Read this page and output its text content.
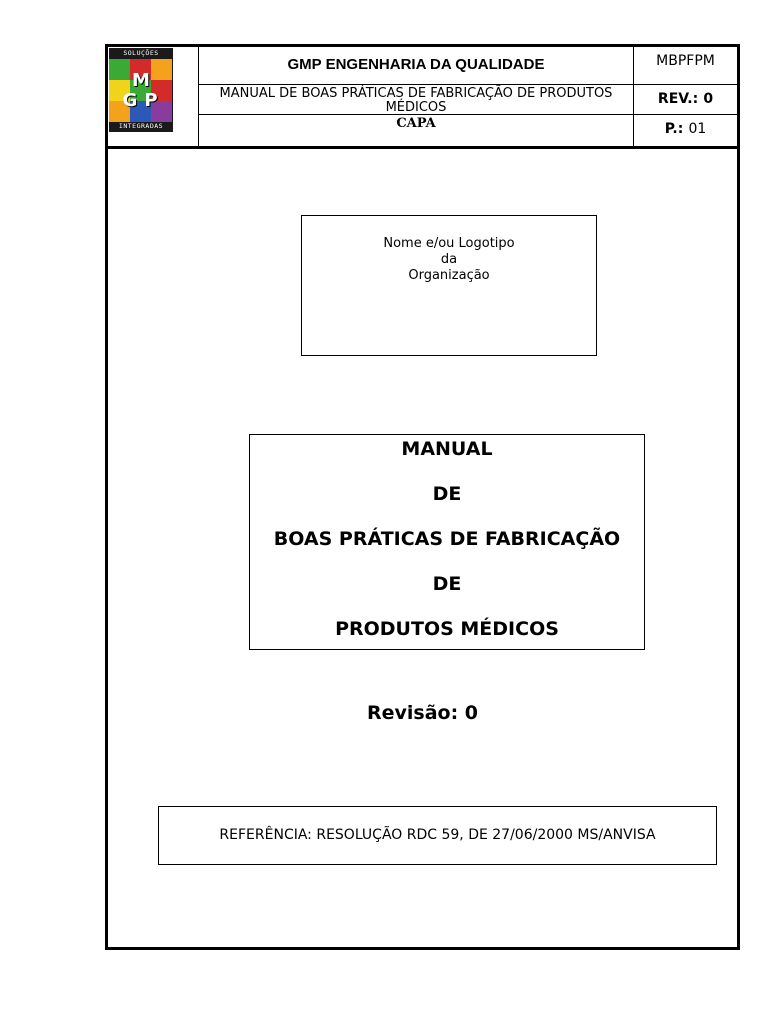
SOLUÇÕES
M
G P
INTEGRADAS
GMP ENGENHARIA DA QUALIDADE
MANUAL DE BOAS PRÁTICAS DE FABRICAÇÃO DE PRODUTOS MÉDICOS
CAPA
MBPFPM
REV.: 0
P.: 01
Nome e/ou Logotipo
da
Organização
MANUAL
DE
BOAS PRÁTICAS DE FABRICAÇÃO
DE
PRODUTOS MÉDICOS
Revisão: 0
REFERÊNCIA: RESOLUÇÃO RDC 59, DE 27/06/2000 MS/ANVISA
